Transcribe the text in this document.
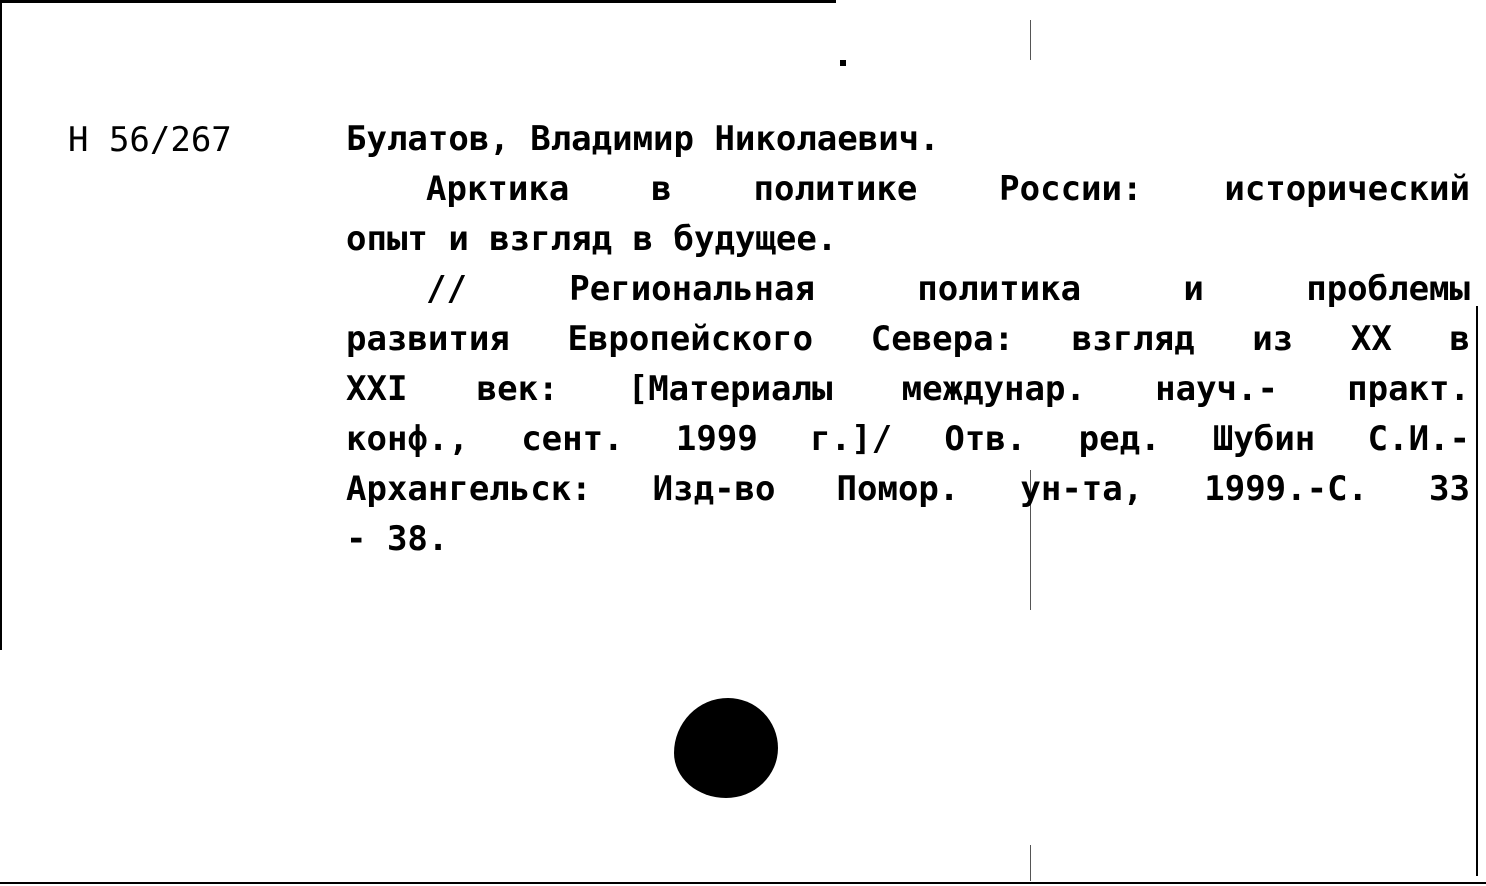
Н 56/267	Булатов, Владимир Николаевич.
Арктика в политике России: исторический
опыт и взгляд в будущее.
// Региональная политика и проблемы
развития Европейского Севера: взгляд из XX в
XXI век: [Материалы междунар. науч.- практ.
конф., сент. 1999 г.]/ Отв. ред. Шубин С.И.-
Архангельск: Изд-во Помор. ун-та, 1999.-С. 33
- 38.
